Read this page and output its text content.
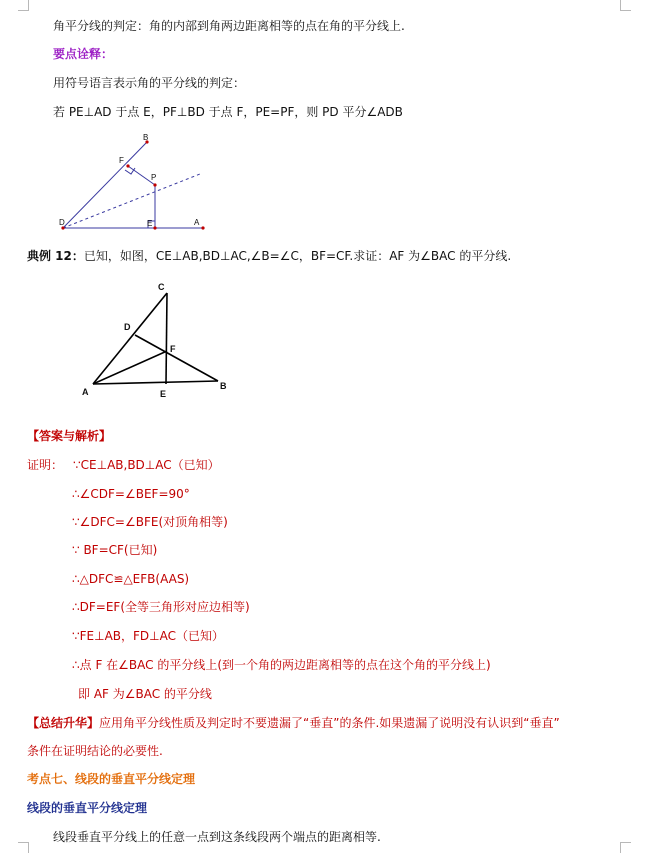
角平分线的判定：角的内部到角两边距离相等的点在角的平分线上.
要点诠释：
用符号语言表示角的平分线的判定：
若 PE⊥AD 于点 E，PF⊥BD 于点 F，PE=PF，则 PD 平分∠ADB
B
F
P
D	E	A
典例 12：已知，如图，CE⊥AB,BD⊥AC,∠B=∠C，BF=CF.求证：AF 为∠BAC 的平分线.
C
D
F
A	E
B
【答案与解析】
证明： ∵CE⊥AB,BD⊥AC（已知）
∴∠CDF=∠BEF=90°
∵∠DFC=∠BFE(对顶角相等)
∵ BF=CF(已知)
∴△DFC≌△EFB(AAS)
∴DF=EF(全等三角形对应边相等)
∵FE⊥AB，FD⊥AC（已知）
∴点 F 在∠BAC 的平分线上(到一个角的两边距离相等的点在这个角的平分线上)
即 AF 为∠BAC 的平分线
【总结升华】应用角平分线性质及判定时不要遗漏了“垂直”的条件.如果遗漏了说明没有认识到“垂直”
条件在证明结论的必要性.
考点七、线段的垂直平分线定理
线段的垂直平分线定理
线段垂直平分线上的任意一点到这条线段两个端点的距离相等.
